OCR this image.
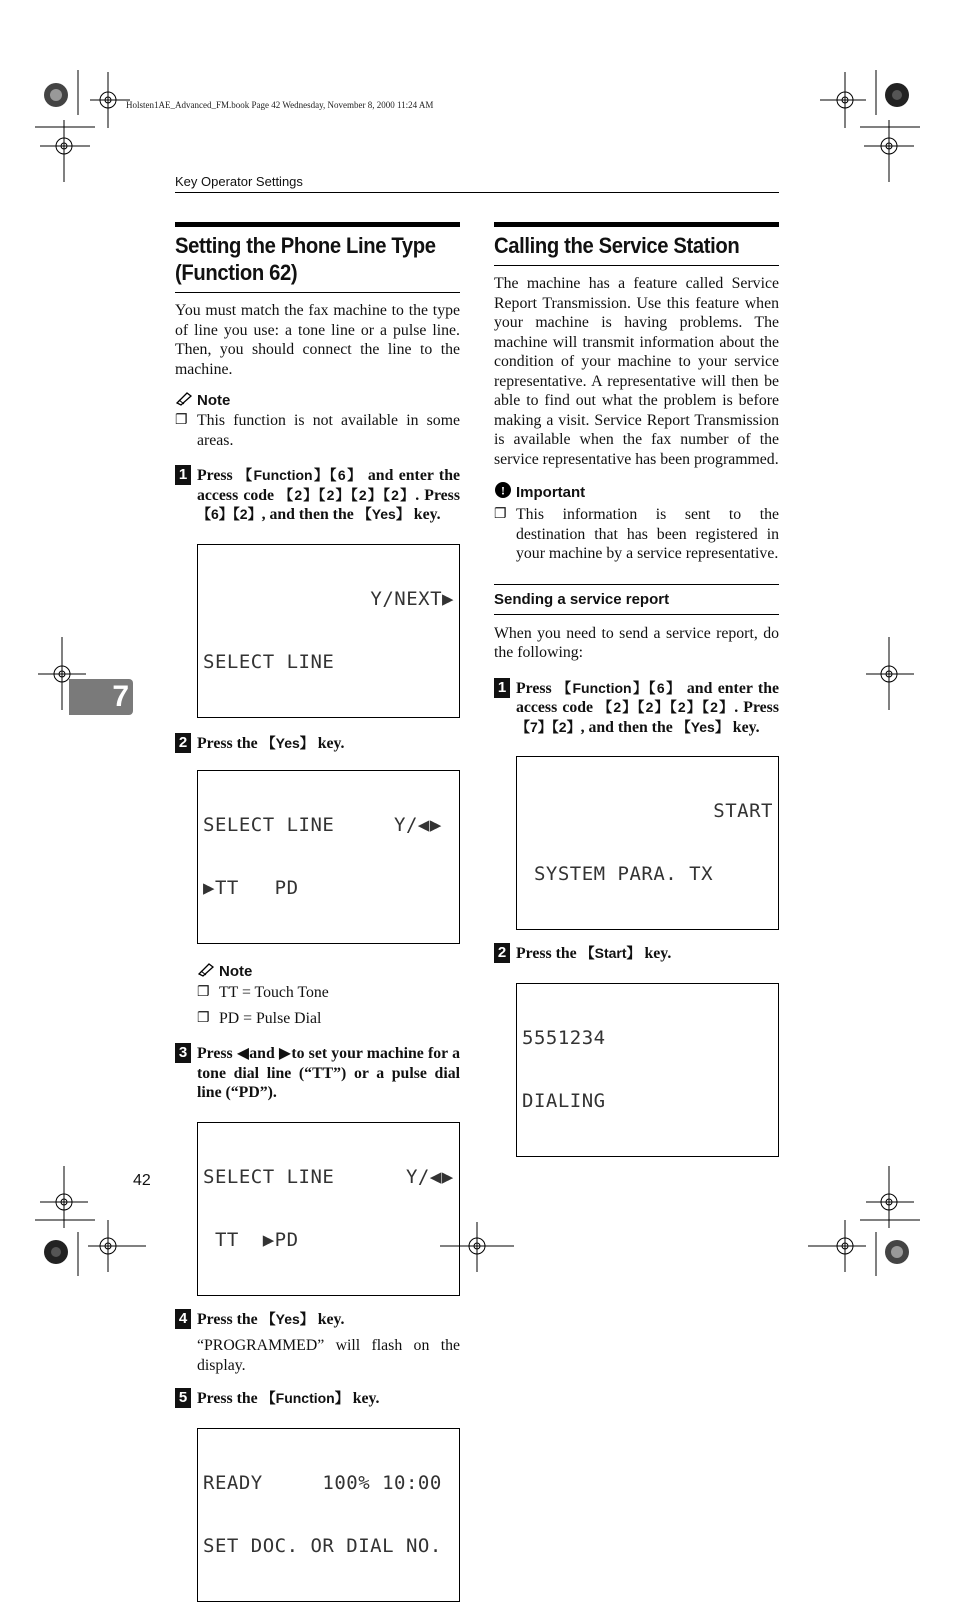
Holsten1AE_Advanced_FM.book Page 42 Wednesday, November 8, 2000 11:24 AM
Key Operator Settings
7
42
Setting the Phone Line Type
(Function 62)

You must match the fax machine to the type of line you use: a tone line or a pulse line. Then, you should connect the line to the machine.

Note
❐ This function is not available in some areas.
1 Press 【Function】【6】 and enter the access code 【2】【2】【2】【2】. Press 【6】【2】, and then the 【Yes】 key.

Y/NEXT▶

SELECT LINE

2 Press the 【Yes】 key.

SELECT LINE     Y/◀▶

▶TT   PD

Note
❐ TT = Touch Tone
❐ PD = Pulse Dial
3 Press ◀and ▶to set your machine for a tone dial line (“TT”) or a pulse dial line (“PD”).

SELECT LINE      Y/◀▶

TT  ▶PD

4 Press the 【Yes】 key.

“PROGRAMMED” will flash on the display.

5 Press the 【Function】 key.

READY     100% 10:00

SET DOC. OR DIAL NO.

Calling the Service Station

The machine has a feature called Service Report Transmission. Use this feature when your machine is having problems. The machine will transmit information about the condition of your machine to your service representative. A representative will then be able to find out what the problem is before making a visit. Service Report Transmission is available when the fax number of the service representative has been programmed.

! Important
❐ This information is sent to the destination that has been registered in your machine by a service representative.
Sending a service report

When you need to send a service report, do the following:

1 Press 【Function】【6】 and enter the access code 【2】【2】【2】【2】. Press 【7】【2】, and then the 【Yes】 key.

START

SYSTEM PARA. TX

2 Press the 【Start】 key.

5551234

DIALING
